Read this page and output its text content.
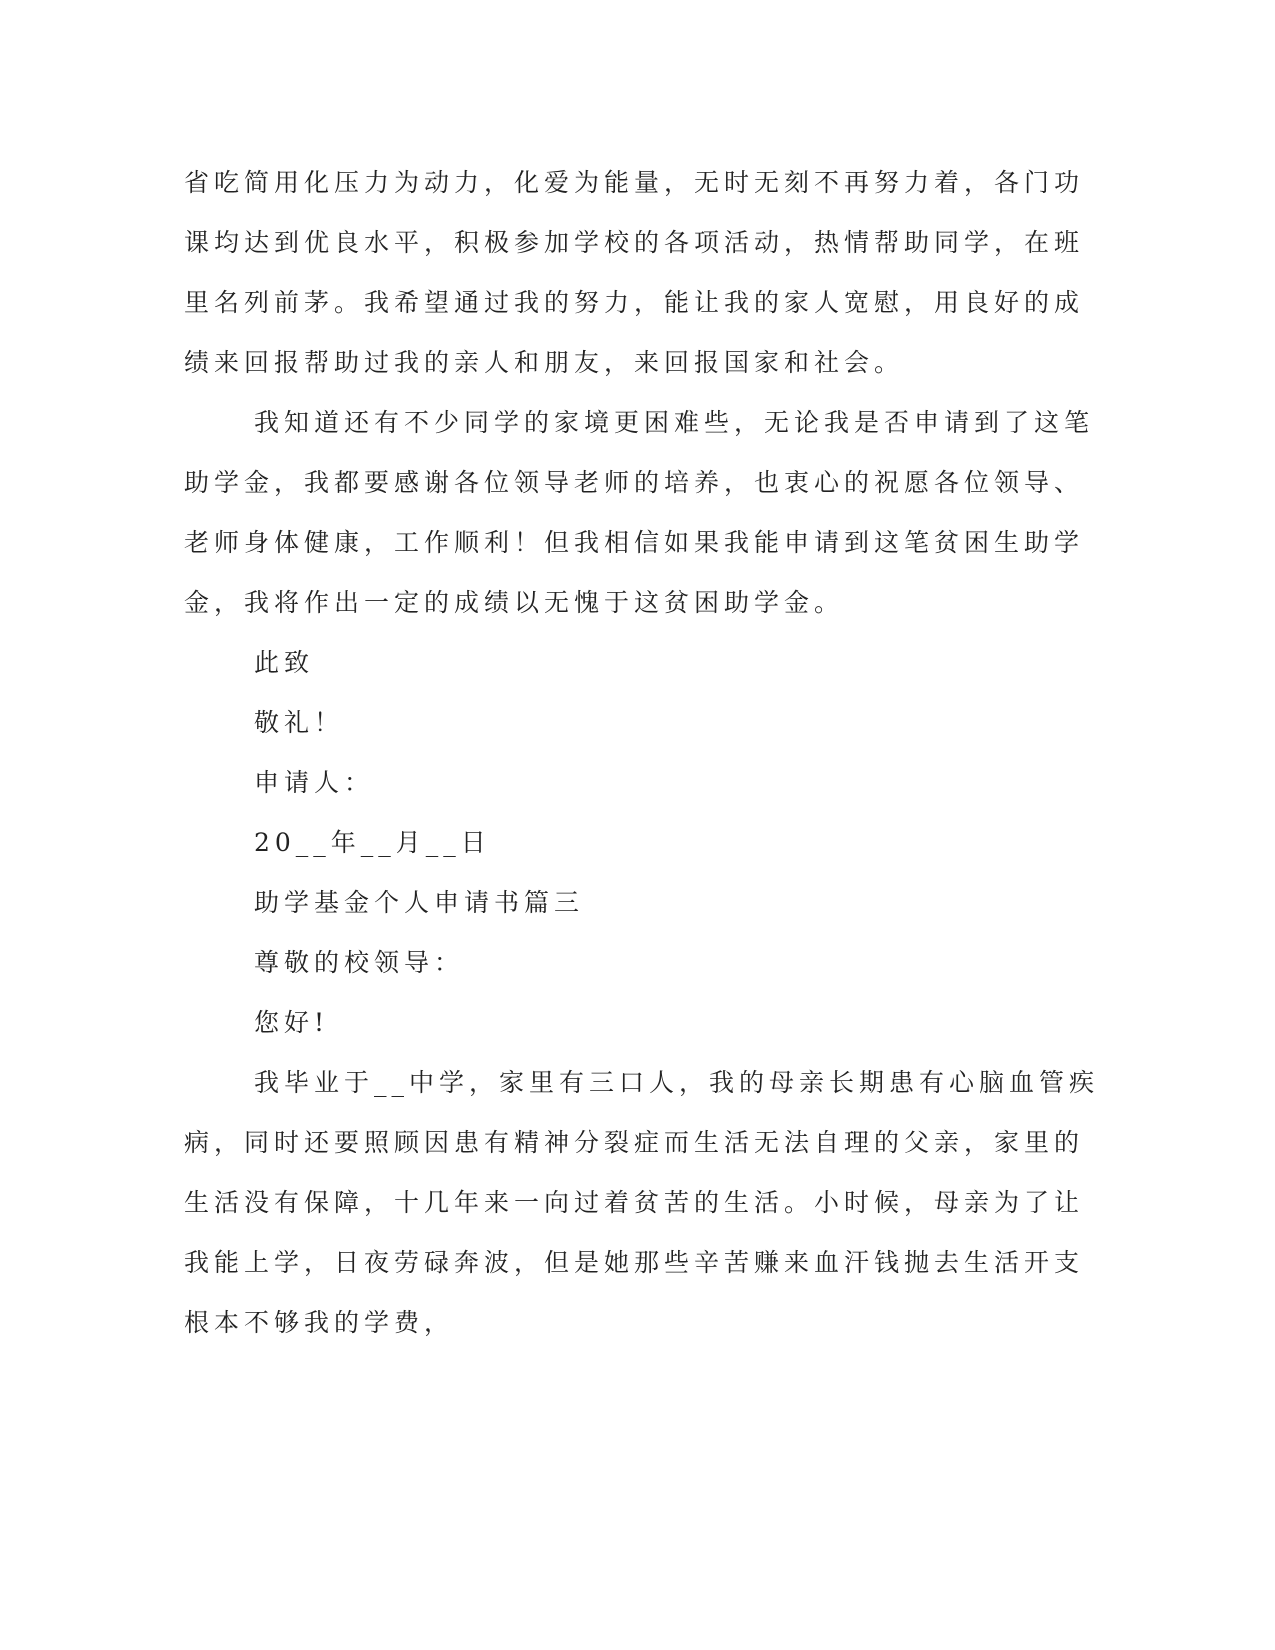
省吃简用化压力为动力，化爱为能量，无时无刻不再努力着，各门功
课均达到优良水平，积极参加学校的各项活动，热情帮助同学，在班
里名列前茅。我希望通过我的努力，能让我的家人宽慰，用良好的成
绩来回报帮助过我的亲人和朋友，来回报国家和社会。
我知道还有不少同学的家境更困难些，无论我是否申请到了这笔
助学金，我都要感谢各位领导老师的培养，也衷心的祝愿各位领导、
老师身体健康，工作顺利！但我相信如果我能申请到这笔贫困生助学
金，我将作出一定的成绩以无愧于这贫困助学金。
此致
敬礼！
申请人：
20__年__月__日
助学基金个人申请书篇三
尊敬的校领导：
您好!
我毕业于__中学，家里有三口人，我的母亲长期患有心脑血管疾
病，同时还要照顾因患有精神分裂症而生活无法自理的父亲，家里的
生活没有保障，十几年来一向过着贫苦的生活。小时候，母亲为了让
我能上学，日夜劳碌奔波，但是她那些辛苦赚来血汗钱抛去生活开支
根本不够我的学费，
